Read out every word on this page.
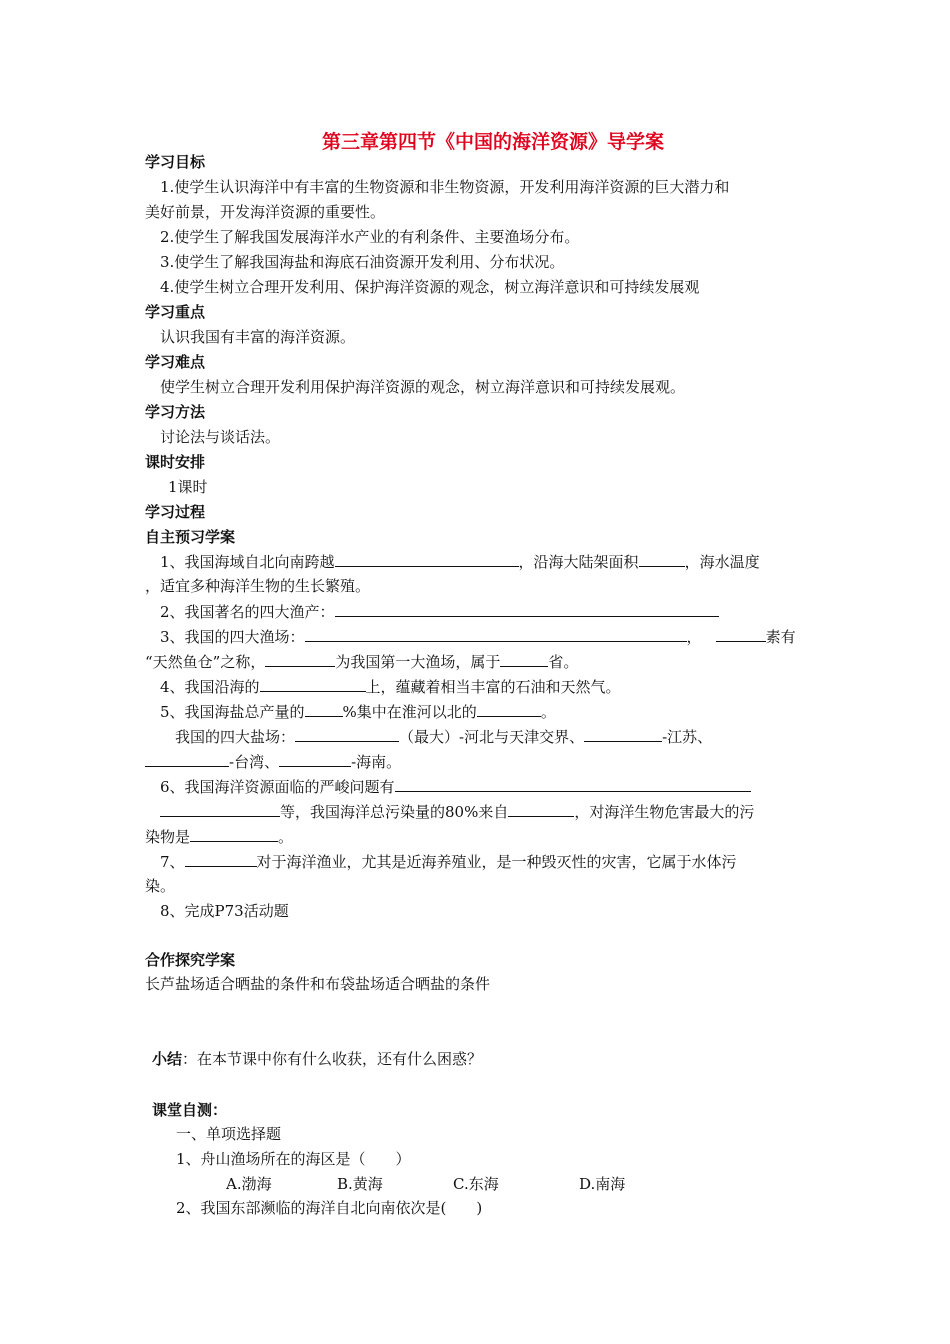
第三章第四节《中国的海洋资源》导学案
学习目标
1.使学生认识海洋中有丰富的生物资源和非生物资源，开发利用海洋资源的巨大潜力和
美好前景，开发海洋资源的重要性。
2.使学生了解我国发展海洋水产业的有利条件、主要渔场分布。
3.使学生了解我国海盐和海底石油资源开发利用、分布状况。
4.使学生树立合理开发利用、保护海洋资源的观念，树立海洋意识和可持续发展观
学习重点
认识我国有丰富的海洋资源。
学习难点
使学生树立合理开发利用保护海洋资源的观念，树立海洋意识和可持续发展观。
学习方法
讨论法与谈话法。
课时安排
1课时
学习过程
自主预习学案
1、我国海域自北向南跨越	，沿海大陆架面积	，海水温度
，适宜多种海洋生物的生长繁殖。
2、我国著名的四大渔产：
3、我国的四大渔场：	，	素有
“天然鱼仓”之称，	为我国第一大渔场，属于	省。
4、我国沿海的	上，蕴藏着相当丰富的石油和天然气。
5、我国海盐总产量的	%集中在淮河以北的	。
我国的四大盐场：	（最大）-河北与天津交界、	-江苏、
-台湾、	-海南。
6、我国海洋资源面临的严峻问题有
等，我国海洋总污染量的80%来自	，对海洋生物危害最大的污
染物是	。
7、	对于海洋渔业，尤其是近海养殖业，是一种毁灭性的灾害，它属于水体污
染。
8、完成P73活动题
合作探究学案
长芦盐场适合晒盐的条件和布袋盐场适合晒盐的条件
小结：在本节课中你有什么收获，还有什么困惑？
课堂自测：
一、单项选择题
1、舟山渔场所在的海区是（　　）
A.渤海	B.黄海	C.东海	D.南海
2、我国东部濒临的海洋自北向南依次是(　　)
